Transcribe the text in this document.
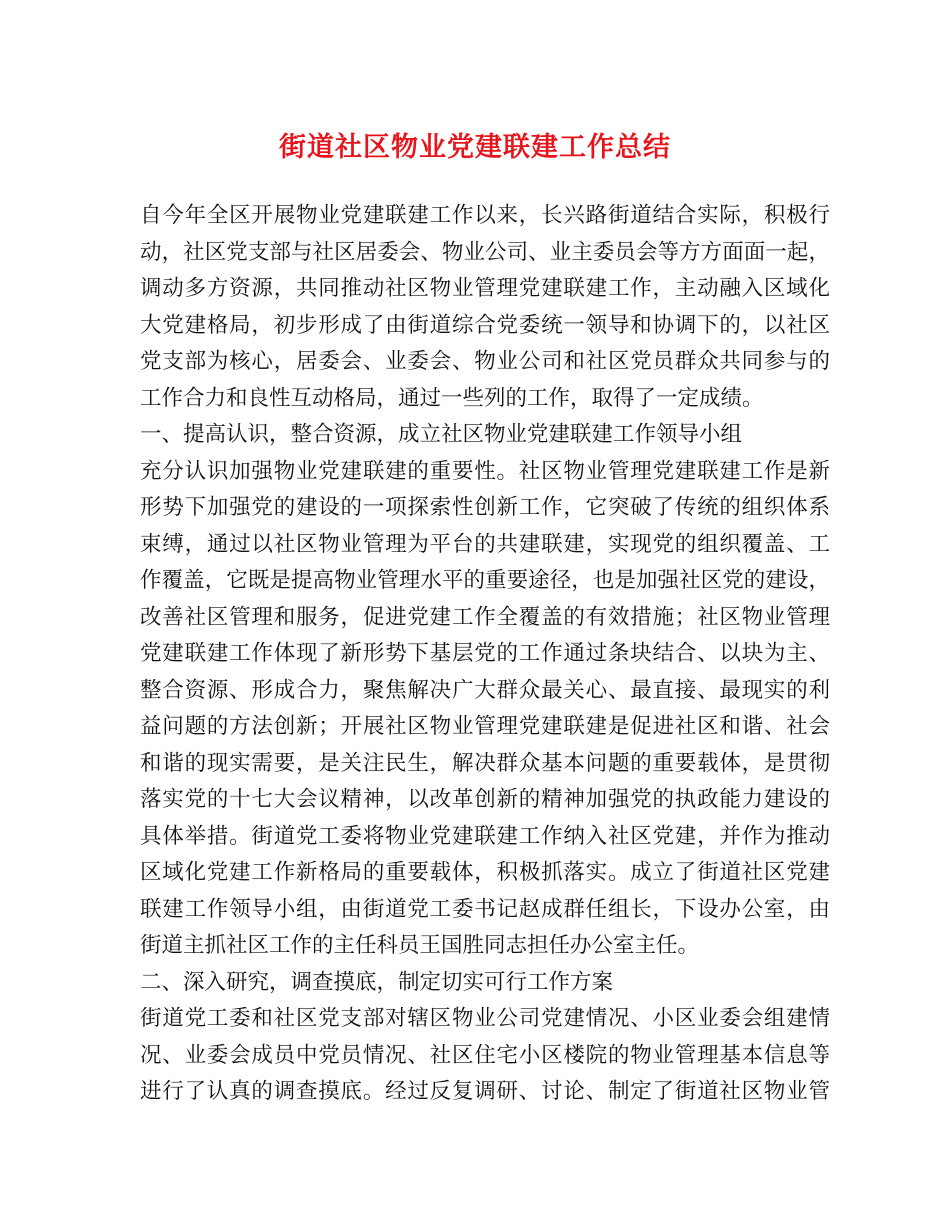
街道社区物业党建联建工作总结
自今年全区开展物业党建联建工作以来，长兴路街道结合实际，积极行
动，社区党支部与社区居委会、物业公司、业主委员会等方方面面一起，
调动多方资源，共同推动社区物业管理党建联建工作，主动融入区域化
大党建格局，初步形成了由街道综合党委统一领导和协调下的，以社区
党支部为核心，居委会、业委会、物业公司和社区党员群众共同参与的
工作合力和良性互动格局，通过一些列的工作，取得了一定成绩。
一、提高认识，整合资源，成立社区物业党建联建工作领导小组
充分认识加强物业党建联建的重要性。社区物业管理党建联建工作是新
形势下加强党的建设的一项探索性创新工作，它突破了传统的组织体系
束缚，通过以社区物业管理为平台的共建联建，实现党的组织覆盖、工
作覆盖，它既是提高物业管理水平的重要途径，也是加强社区党的建设，
改善社区管理和服务，促进党建工作全覆盖的有效措施；社区物业管理
党建联建工作体现了新形势下基层党的工作通过条块结合、以块为主、
整合资源、形成合力，聚焦解决广大群众最关心、最直接、最现实的利
益问题的方法创新；开展社区物业管理党建联建是促进社区和谐、社会
和谐的现实需要，是关注民生，解决群众基本问题的重要载体，是贯彻
落实党的十七大会议精神，以改革创新的精神加强党的执政能力建设的
具体举措。街道党工委将物业党建联建工作纳入社区党建，并作为推动
区域化党建工作新格局的重要载体，积极抓落实。成立了街道社区党建
联建工作领导小组，由街道党工委书记赵成群任组长，下设办公室，由
街道主抓社区工作的主任科员王国胜同志担任办公室主任。
二、深入研究，调查摸底，制定切实可行工作方案
街道党工委和社区党支部对辖区物业公司党建情况、小区业委会组建情
况、业委会成员中党员情况、社区住宅小区楼院的物业管理基本信息等
进行了认真的调查摸底。经过反复调研、讨论、制定了街道社区物业管
